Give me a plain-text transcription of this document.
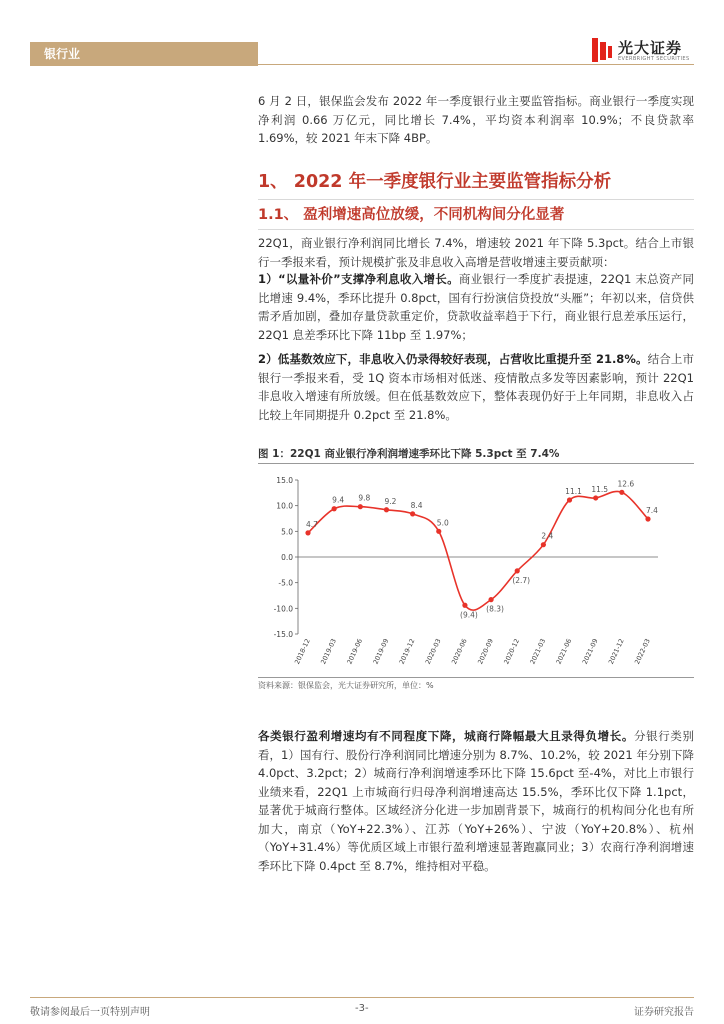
银行业	光大证券
EVERBRIGHT SECURITIES
6 月 2 日，银保监会发布 2022 年一季度银行业主要监管指标。商业银行一季度实现净利润 0.66 万亿元，同比增长 7.4%，平均资本利润率 10.9%；不良贷款率 1.69%，较 2021 年末下降 4BP。
1、 2022 年一季度银行业主要监管指标分析
1.1、 盈利增速高位放缓，不同机构间分化显著
22Q1，商业银行净利润同比增长 7.4%，增速较 2021 年下降 5.3pct。结合上市银行一季报来看，预计规模扩张及非息收入高增是营收增速主要贡献项：
1）“以量补价”支撑净利息收入增长。商业银行一季度扩表提速，22Q1 末总资产同比增速 9.4%，季环比提升 0.8pct，国有行扮演信贷投放“头雁”；年初以来，信贷供需矛盾加剧，叠加存量贷款重定价，贷款收益率趋于下行，商业银行息差承压运行，22Q1 息差季环比下降 11bp 至 1.97%；
2）低基数效应下，非息收入仍录得较好表现，占营收比重提升至 21.8%。结合上市银行一季报来看，受 1Q 资本市场相对低迷、疫情散点多发等因素影响，预计 22Q1 非息收入增速有所放缓。但在低基数效应下，整体表现仍好于上年同期，非息收入占比较上年同期提升 0.2pct 至 21.8%。
图 1：22Q1 商业银行净利润增速季环比下降 5.3pct 至 7.4%
15.0
10.0
5.0
0.0
-5.0
-10.0
-15.0
4.7
2018-12
9.4
2019-03
9.8
2019-06
9.2
2019-09
8.4
2019-12
5.0
2020-03
(9.4)
2020-06
(8.3)
2020-09
(2.7)
2020-12
2.4
2021-03
11.1
2021-06
11.5
2021-09
12.6
2021-12
7.4
2022-03
资料来源：银保监会，光大证券研究所，单位：%
各类银行盈利增速均有不同程度下降，城商行降幅最大且录得负增长。分银行类别看，1）国有行、股份行净利润同比增速分别为 8.7%、10.2%，较 2021 年分别下降 4.0pct、3.2pct；2）城商行净利润增速季环比下降 15.6pct 至-4%，对比上市银行业绩来看，22Q1 上市城商行归母净利润增速高达 15.5%，季环比仅下降 1.1pct，显著优于城商行整体。区域经济分化进一步加剧背景下，城商行的机构间分化也有所加大，南京（YoY+22.3%）、江苏（YoY+26%）、宁波（YoY+20.8%）、杭州（YoY+31.4%）等优质区域上市银行盈利增速显著跑赢同业；3）农商行净利润增速季环比下降 0.4pct 至 8.7%，维持相对平稳。
敬请参阅最后一页特别声明	-3-	证券研究报告
